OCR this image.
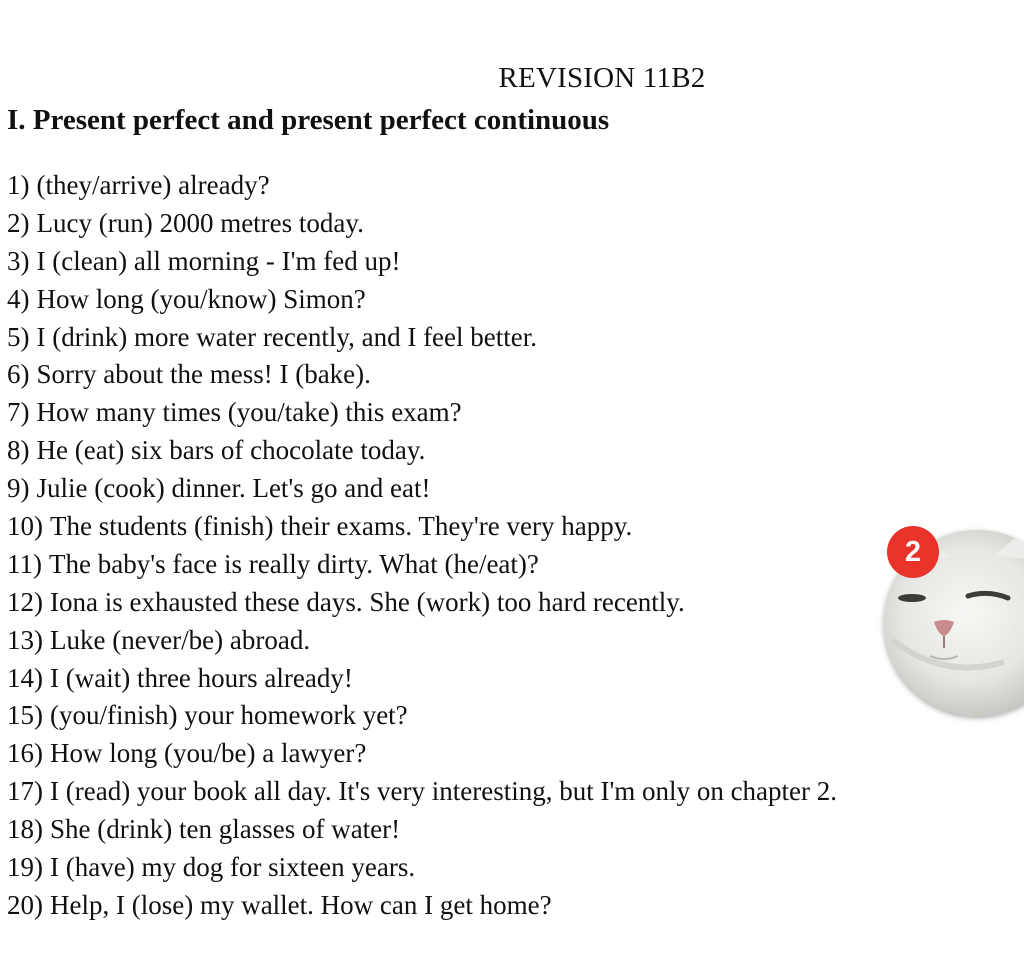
REVISION 11B2
I. Present perfect and present perfect continuous
1) (they/arrive) already?
2) Lucy (run) 2000 metres today.
3) I (clean) all morning - I'm fed up!
4) How long (you/know) Simon?
5) I (drink) more water recently, and I feel better.
6) Sorry about the mess! I (bake).
7) How many times (you/take) this exam?
8) He (eat) six bars of chocolate today.
9) Julie (cook) dinner. Let's go and eat!
10) The students (finish) their exams. They're very happy.
11) The baby's face is really dirty. What (he/eat)?
12) Iona is exhausted these days. She (work) too hard recently.
13) Luke (never/be) abroad.
14) I (wait) three hours already!
15) (you/finish) your homework yet?
16) How long (you/be) a lawyer?
17) I (read) your book all day. It's very interesting, but I'm only on chapter 2.
18) She (drink) ten glasses of water!
19) I (have) my dog for sixteen years.
20) Help, I (lose) my wallet. How can I get home?
2
